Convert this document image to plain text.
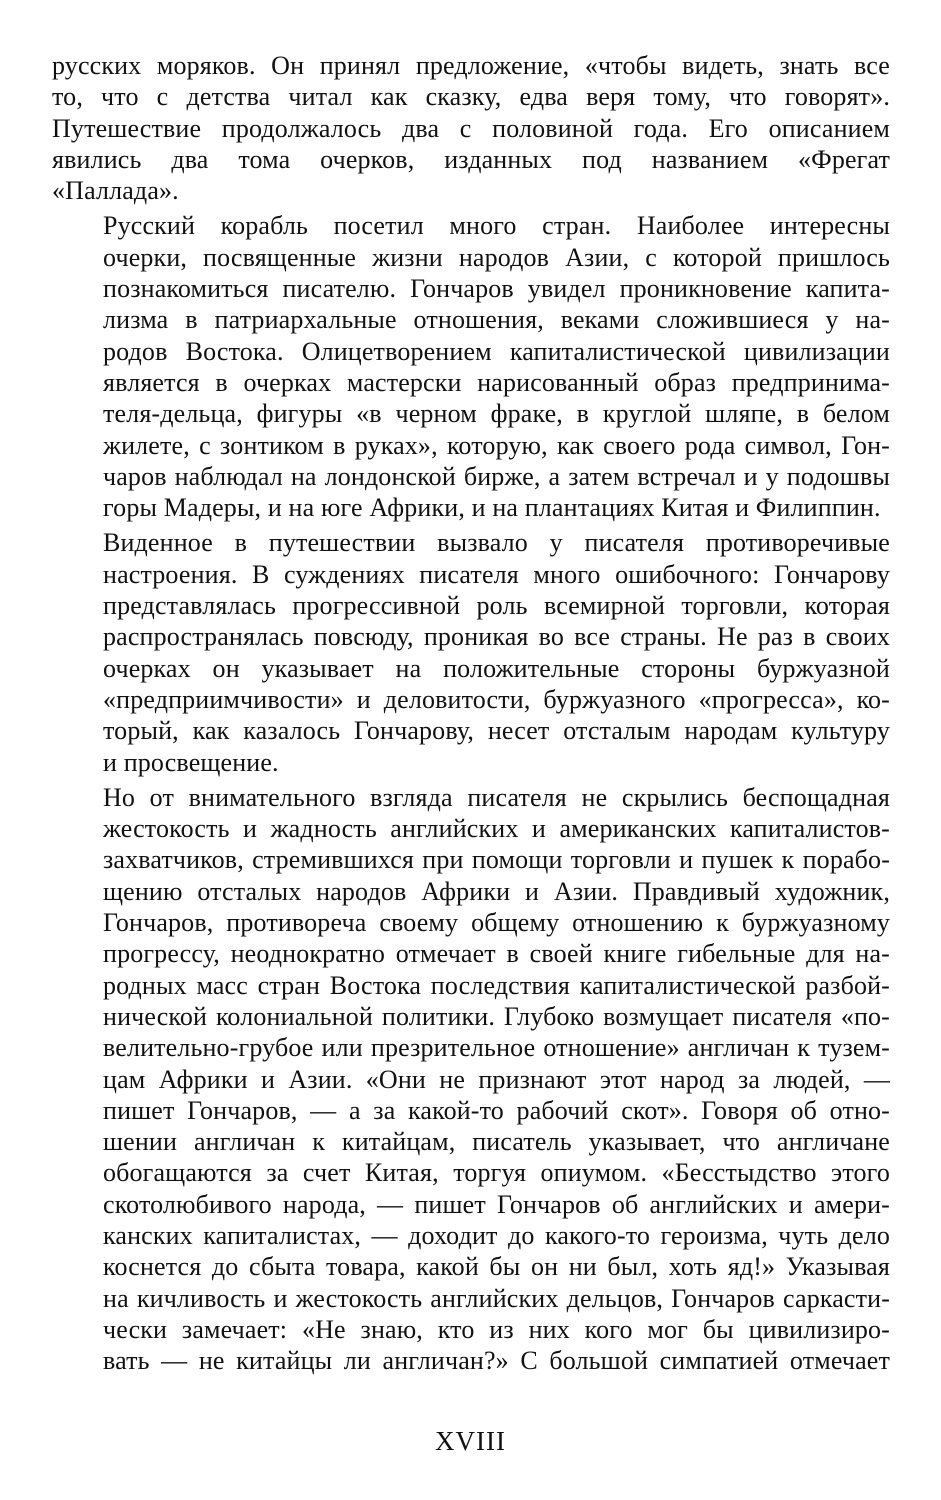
русских моряков. Он принял предложение, «чтобы видеть, знать все
то, что с детства читал как сказку, едва веря тому, что говорят».
Путешествие продолжалось два с половиной года. Его описанием
явились два тома очерков, изданных под названием «Фрегат
«Паллада».

Русский корабль посетил много стран. Наиболее интересны
очерки, посвященные жизни народов Азии, с которой пришлось
познакомиться писателю. Гончаров увидел проникновение капита-
лизма в патриархальные отношения, веками сложившиеся у на-
родов Востока. Олицетворением капиталистической цивилизации
является в очерках мастерски нарисованный образ предпринима-
теля-дельца, фигуры «в черном фраке, в круглой шляпе, в белом
жилете, с зонтиком в руках», которую, как своего рода символ, Гон-
чаров наблюдал на лондонской бирже, а затем встречал и у подошвы
горы Мадеры, и на юге Африки, и на плантациях Китая и Филиппин.

Виденное в путешествии вызвало у писателя противоречивые
настроения. В суждениях писателя много ошибочного: Гончарову
представлялась прогрессивной роль всемирной торговли, которая
распространялась повсюду, проникая во все страны. Не раз в своих
очерках он указывает на положительные стороны буржуазной
«предприимчивости» и деловитости, буржуазного «прогресса», ко-
торый, как казалось Гончарову, несет отсталым народам культуру
и просвещение.

Но от внимательного взгляда писателя не скрылись беспощадная
жестокость и жадность английских и американских капиталистов-
захватчиков, стремившихся при помощи торговли и пушек к порабо-
щению отсталых народов Африки и Азии. Правдивый художник,
Гончаров, противореча своему общему отношению к буржуазному
прогрессу, неоднократно отмечает в своей книге гибельные для на-
родных масс стран Востока последствия капиталистической разбой-
нической колониальной политики. Глубоко возмущает писателя «по-
велительно-грубое или презрительное отношение» англичан к тузем-
цам Африки и Азии. «Они не признают этот народ за людей, —
пишет Гончаров, — а за какой-то рабочий скот». Говоря об отно-
шении англичан к китайцам, писатель указывает, что англичане
обогащаются за счет Китая, торгуя опиумом. «Бесстыдство этого
скотолюбивого народа, — пишет Гончаров об английских и амери-
канских капиталистах, — доходит до какого-то героизма, чуть дело
коснется до сбыта товара, какой бы он ни был, хоть яд!» Указывая
на кичливость и жестокость английских дельцов, Гончаров саркасти-
чески замечает: «Не знаю, кто из них кого мог бы цивилизиро-
вать — не китайцы ли англичан?» С большой симпатией отмечает

XVIII
